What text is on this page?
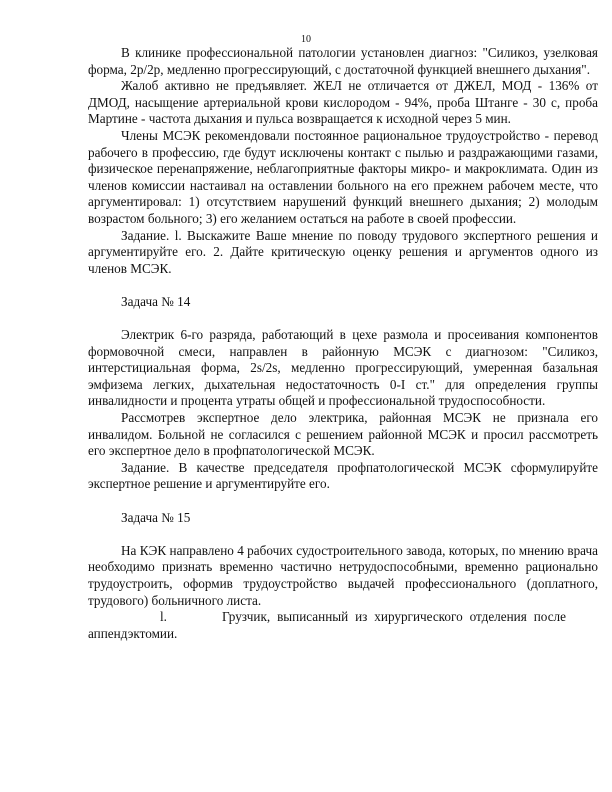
10

В клинике профессиональной патологии установлен диагноз: "Силикоз, узелковая форма, 2р/2р, медленно прогрессирующий, с достаточной функцией внешнего дыхания".

Жалоб активно не предъявляет. ЖЕЛ не отличается от ДЖЕЛ, МОД - 136% от ДМОД, насыщение артериальной крови кислородом - 94%, проба Штанге - 30 с, проба Мартине - частота дыхания и пульса возвращается к исходной через 5 мин.

Члены МСЭК рекомендовали постоянное рациональное трудоустройство - перевод рабочего в профессию, где будут исключены контакт с пылью и раздражающими газами, физическое перенапряжение, неблагоприятные факторы микро- и макроклимата. Один из членов комиссии настаивал на оставлении больного на его прежнем рабочем месте, что аргументировал: 1) отсутствием нарушений функций внешнего дыхания; 2) молодым возрастом больного; 3) его желанием остаться на работе в своей профессии.

Задание. l. Выскажите Ваше мнение по поводу трудового экспертного решения и аргументируйте его. 2. Дайте критическую оценку решения и аргументов одного из членов МСЭК.

Задача № 14

Электрик 6-го разряда, работающий в цехе размола и просеивания компонентов формовочной смеси, направлен в районную МСЭК с диагнозом: "Силикоз, интерстициальная форма, 2s/2s, медленно прогрессирующий, умеренная базальная эмфизема легких, дыхательная недостаточность 0-I ст." для определения группы инвалидности и процента утраты общей и профессиональной трудоспособности.

Рассмотрев экспертное дело электрика, районная МСЭК не признала его инвалидом. Больной не согласился с решением районной МСЭК и просил рассмотреть его экспертное дело в профпатологической МСЭК.

Задание. В качестве председателя профпатологической МСЭК сформулируйте экспертное решение и аргументируйте его.

Задача № 15

На КЭК направлено 4 рабочих судостроительного завода, которых, по мнению врача необходимо признать временно частично нетрудоспособными, временно рационально трудоустроить, оформив трудоустройство выдачей профессионального (доплатного, трудового) больничного листа.

l.	Грузчик, выписанный из хирургического отделения после аппендэктомии.
